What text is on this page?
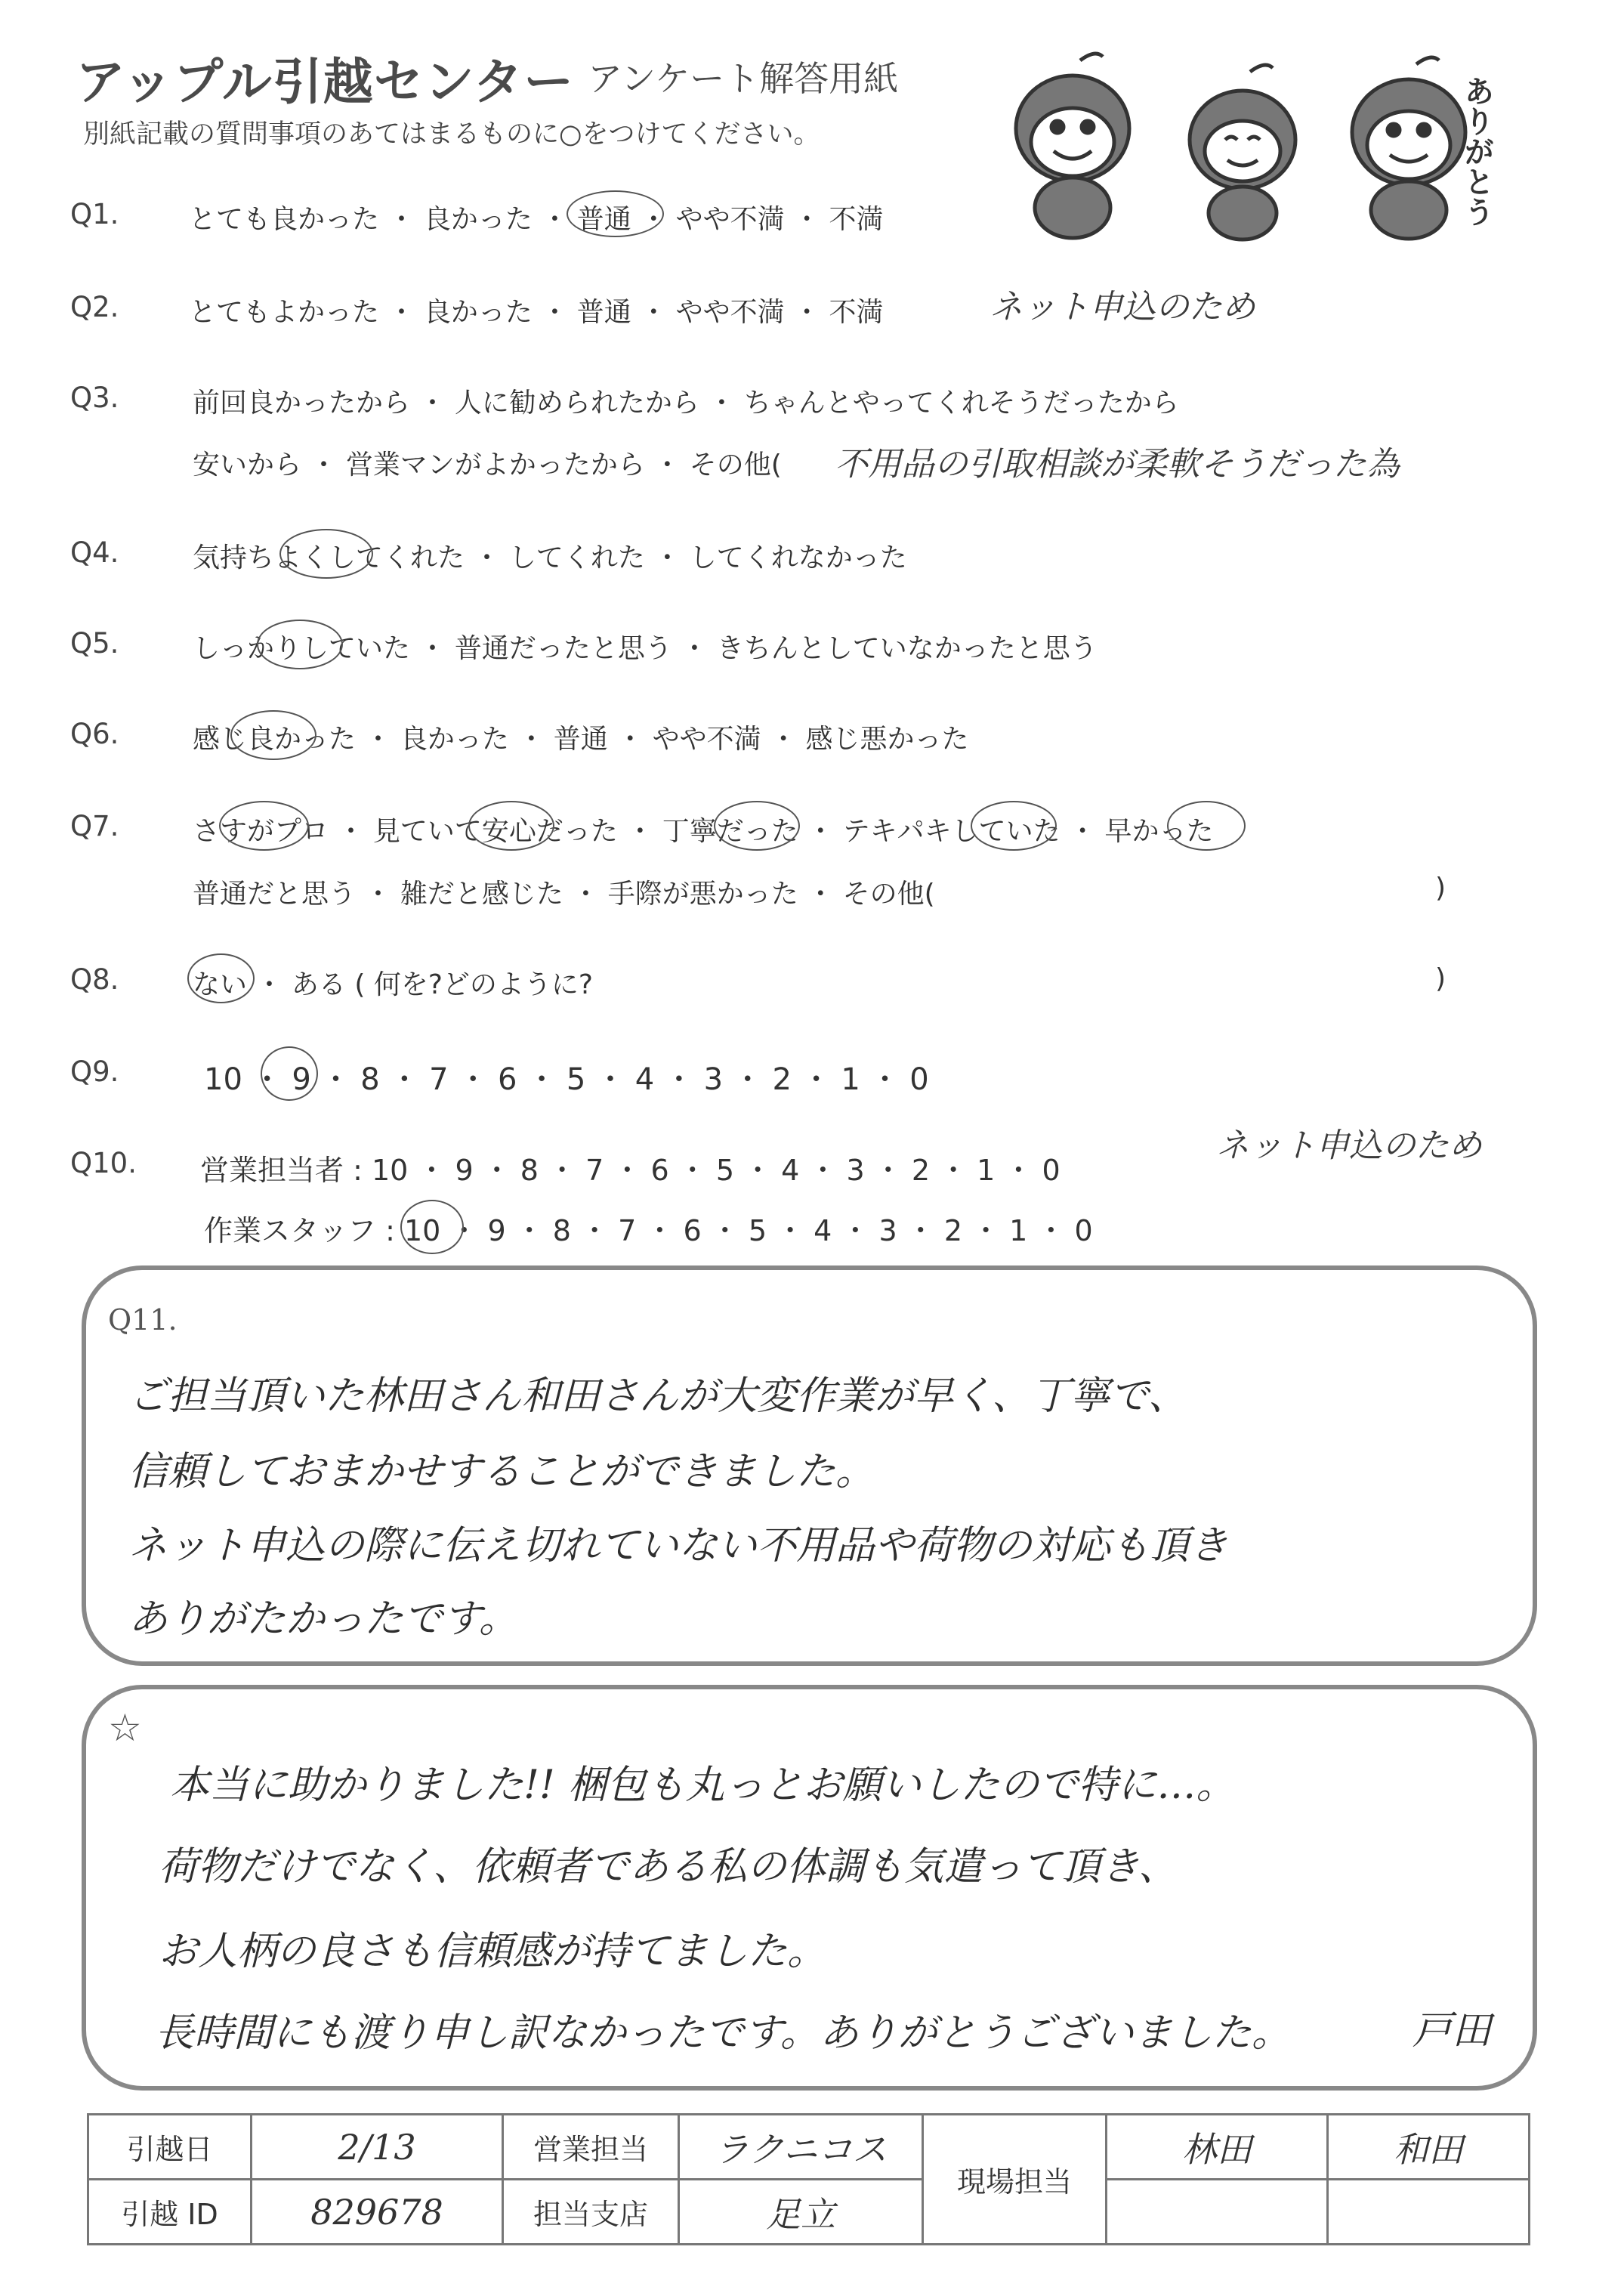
アップル引越センター アンケート解答用紙
別紙記載の質問事項のあてはまるものに○をつけてください。	ありがとう
Q1.	とても良かった ・ 良かった ・ 普通 ・ やや不満 ・ 不満
Q2.	とてもよかった ・ 良かった ・ 普通 ・ やや不満 ・ 不満	ネット申込のため
Q3.	前回良かったから ・ 人に勧められたから ・ ちゃんとやってくれそうだったから
安いから ・ 営業マンがよかったから ・ その他( 不用品の引取相談が柔軟そうだった為
Q4.	気持ちよくしてくれた ・ してくれた ・ してくれなかった
Q5.	しっかりしていた ・ 普通だったと思う ・ きちんとしていなかったと思う
Q6.	感じ良かった ・ 良かった ・ 普通 ・ やや不満 ・ 感じ悪かった
Q7.	さすがプロ ・ 見ていて安心だった ・ 丁寧だった ・ テキパキしていた ・ 早かった
普通だと思う ・ 雑だと感じた ・ 手際が悪かった ・ その他(	)
Q8.	ない ・ ある ( 何を?どのように?	)
Q9.	10 ・ 9 ・ 8 ・ 7 ・ 6 ・ 5 ・ 4 ・ 3 ・ 2 ・ 1 ・ 0
Q10. 営業担当者 : 10 ・ 9 ・ 8 ・ 7 ・ 6 ・ 5 ・ 4 ・ 3 ・ 2 ・ 1 ・ 0
作業スタッフ : 10 ・ 9 ・ 8 ・ 7 ・ 6 ・ 5 ・ 4 ・ 3 ・ 2 ・ 1 ・ 0
ネット申込のため
Q11.
ご担当頂いた林田さん和田さんが大変作業が早く、丁寧で、
信頼しておまかせすることができました。
ネット申込の際に伝え切れていない不用品や荷物の対応も頂き
ありがたかったです。
☆
本当に助かりました!! 梱包も丸っとお願いしたので特に…。
荷物だけでなく、依頼者である私の体調も気遣って頂き、
お人柄の良さも信頼感が持てました。
長時間にも渡り申し訳なかったです。ありがとうございました。	戸田
引越日	2/13	営業担当	ラクニコス	現場担当	林田	和田
引越 ID	829678	担当支店	足立			
